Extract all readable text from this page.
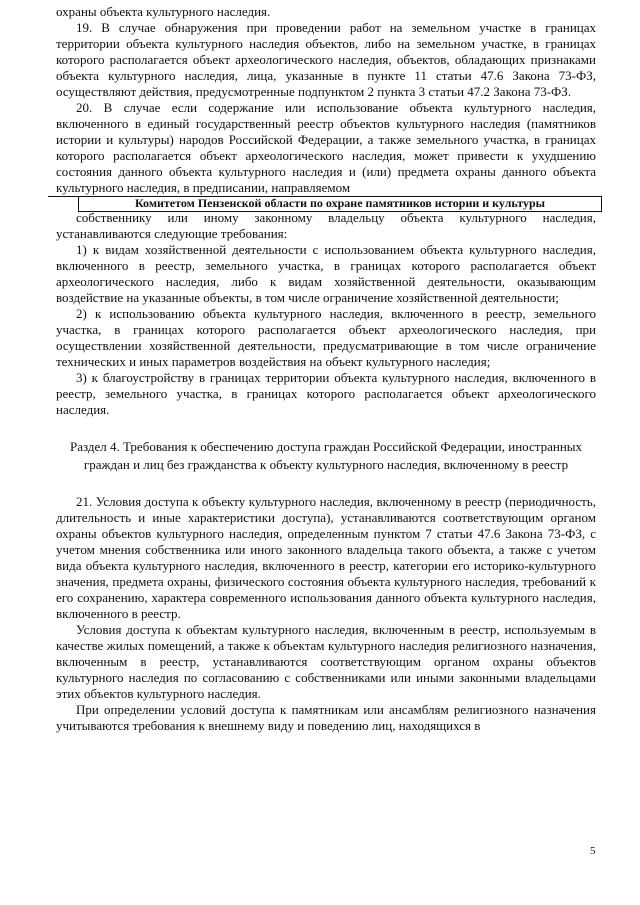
охраны объекта культурного наследия.

19. В случае обнаружения при проведении работ на земельном участке в границах территории объекта культурного наследия объектов, либо на земельном участке, в границах которого располагается объект археологического наследия, объектов, обладающих признаками объекта культурного наследия, лица, указанные в пункте 11 статьи 47.6 Закона 73-ФЗ, осуществляют действия, предусмотренные подпунктом 2 пункта 3 статьи 47.2 Закона 73-ФЗ.

20. В случае если содержание или использование объекта культурного наследия, включенного в единый государственный реестр объектов культурного наследия (памятников истории и культуры) народов Российской Федерации, а также земельного участка, в границах которого располагается объект археологического наследия, может привести к ухудшению состояния данного объекта культурного наследия и (или) предмета охраны данного объекта культурного наследия, в предписании, направляемом

Комитетом Пензенской области по охране памятников истории и культуры

собственнику или иному законному владельцу объекта культурного наследия, устанавливаются следующие требования:

1) к видам хозяйственной деятельности с использованием объекта культурного наследия, включенного в реестр, земельного участка, в границах которого располагается объект археологического наследия, либо к видам хозяйственной деятельности, оказывающим воздействие на указанные объекты, в том числе ограничение хозяйственной деятельности;

2) к использованию объекта культурного наследия, включенного в реестр, земельного участка, в границах которого располагается объект археологического наследия, при осуществлении хозяйственной деятельности, предусматривающие в том числе ограничение технических и иных параметров воздействия на объект культурного наследия;

3) к благоустройству в границах территории объекта культурного наследия, включенного в реестр, земельного участка, в границах которого располагается объект археологического наследия.

Раздел 4. Требования к обеспечению доступа граждан Российской Федерации, иностранных граждан и лиц без гражданства к объекту культурного наследия, включенному в реестр

21. Условия доступа к объекту культурного наследия, включенному в реестр (периодичность, длительность и иные характеристики доступа), устанавливаются соответствующим органом охраны объектов культурного наследия, определенным пунктом 7 статьи 47.6 Закона 73-ФЗ, с учетом мнения собственника или иного законного владельца такого объекта, а также с учетом вида объекта культурного наследия, включенного в реестр, категории его историко-культурного значения, предмета охраны, физического состояния объекта культурного наследия, требований к его сохранению, характера современного использования данного объекта культурного наследия, включенного в реестр.

Условия доступа к объектам культурного наследия, включенным в реестр, используемым в качестве жилых помещений, а также к объектам культурного наследия религиозного назначения, включенным в реестр, устанавливаются соответствующим органом охраны объектов культурного наследия по согласованию с собственниками или иными законными владельцами этих объектов культурного наследия.

При определении условий доступа к памятникам или ансамблям религиозного назначения учитываются требования к внешнему виду и поведению лиц, находящихся в

5
